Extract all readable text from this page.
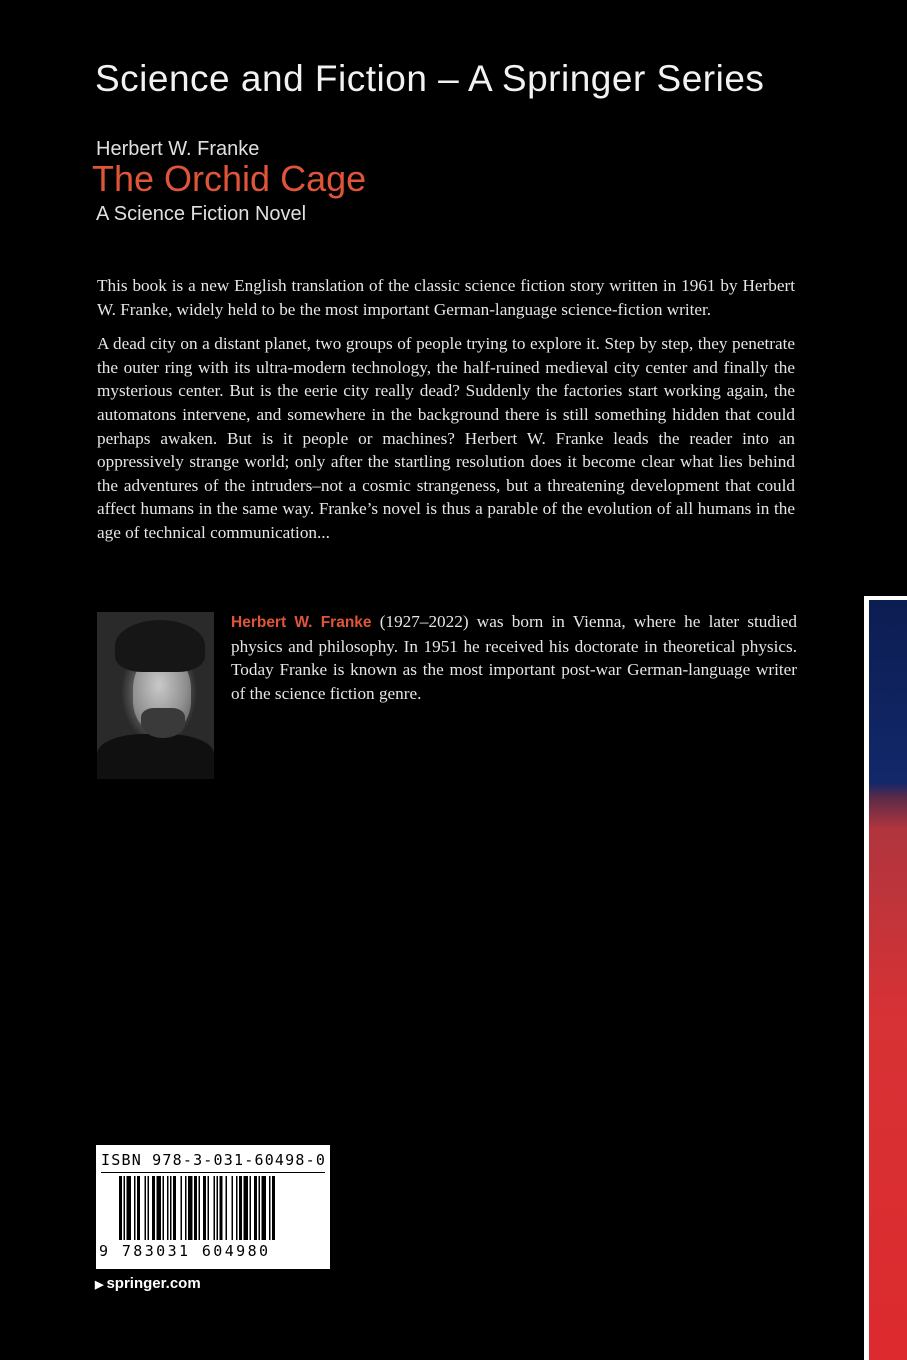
Science and Fiction – A Springer Series
Herbert W. Franke
The Orchid Cage
A Science Fiction Novel

This book is a new English translation of the classic science fiction story written in 1961 by Herbert W. Franke, widely held to be the most important German-language science-fiction writer.

A dead city on a distant planet, two groups of people trying to explore it. Step by step, they penetrate the outer ring with its ultra-modern technology, the half-ruined medieval city center and finally the mysterious center. But is the eerie city really dead? Suddenly the factories start working again, the automatons intervene, and somewhere in the background there is still something hidden that could perhaps awaken. But is it people or machines? Herbert W. Franke leads the reader into an oppressively strange world; only after the startling resolution does it become clear what lies behind the adventures of the intruders–not a cosmic strangeness, but a threatening development that could affect humans in the same way. Franke’s novel is thus a parable of the evolution of all humans in the age of technical communication...

Herbert W. Franke (1927–2022) was born in Vienna, where he later studied physics and philosophy. In 1951 he received his doctorate in theoretical physics. Today Franke is known as the most important post-war German-language writer of the science fiction genre.
ISBN 978-3-031-60498-0
9 783031 604980
▶ springer.com
